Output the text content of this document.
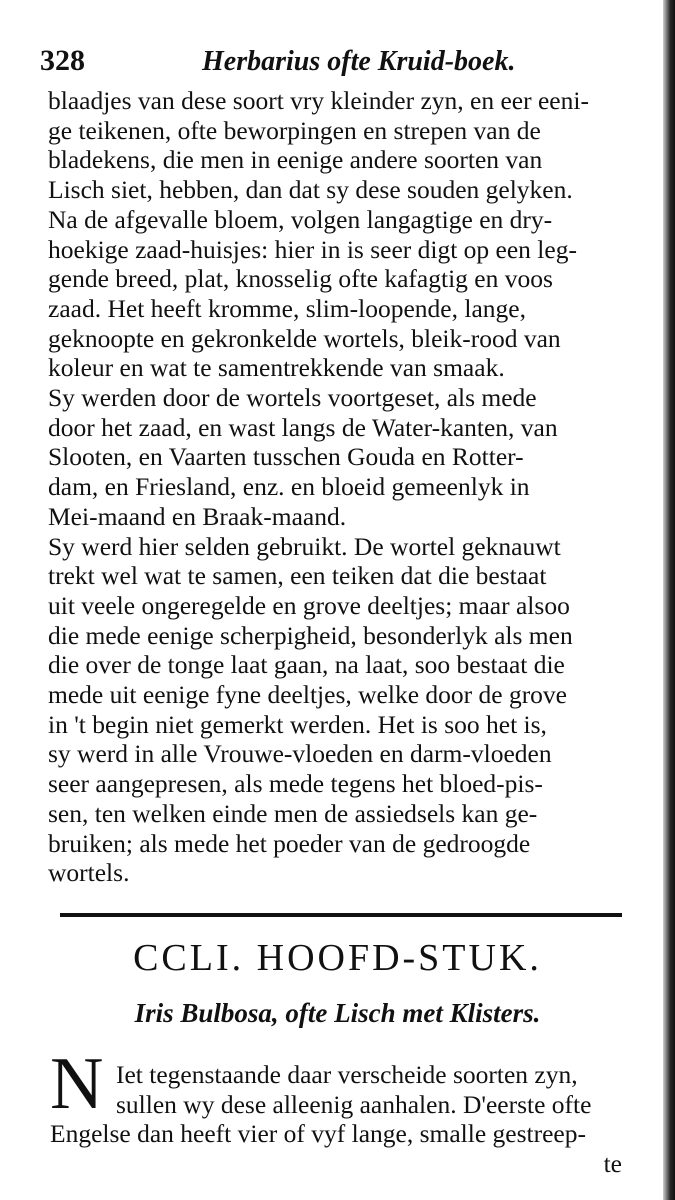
328	Herbarius ofte Kruid-boek.
blaadjes van dese soort vry kleinder zyn, en eer eeni-
ge teikenen, ofte beworpingen en strepen van de
bladekens, die men in eenige andere soorten van
Lisch siet, hebben, dan dat sy dese souden gelyken.
Na de afgevalle bloem, volgen langagtige en dry-
hoekige zaad-huisjes: hier in is seer digt op een leg-
gende breed, plat, knosselig ofte kafagtig en voos
zaad. Het heeft kromme, slim-loopende, lange,
geknoopte en gekronkelde wortels, bleik-rood van
koleur en wat te samentrekkende van smaak.
Sy werden door de wortels voortgeset, als mede
door het zaad, en wast langs de Water-kanten, van
Slooten, en Vaarten tusschen Gouda en Rotter-
dam, en Friesland, enz. en bloeid gemeenlyk in
Mei-maand en Braak-maand.
Sy werd hier selden gebruikt. De wortel geknauwt
trekt wel wat te samen, een teiken dat die bestaat
uit veele ongeregelde en grove deeltjes; maar alsoo
die mede eenige scherpigheid, besonderlyk als men
die over de tonge laat gaan, na laat, soo bestaat die
mede uit eenige fyne deeltjes, welke door de grove
in 't begin niet gemerkt werden. Het is soo het is,
sy werd in alle Vrouwe-vloeden en darm-vloeden
seer aangepresen, als mede tegens het bloed-pis-
sen, ten welken einde men de assiedsels kan ge-
bruiken; als mede het poeder van de gedroogde
wortels.
CCLI. HOOFD-STUK.
Iris Bulbosa, ofte Lisch met Klisters.
N Iet tegenstaande daar verscheide soorten zyn,
sullen wy dese alleenig aanhalen. D'eerste ofte
Engelse dan heeft vier of vyf lange, smalle gestreep-
te
